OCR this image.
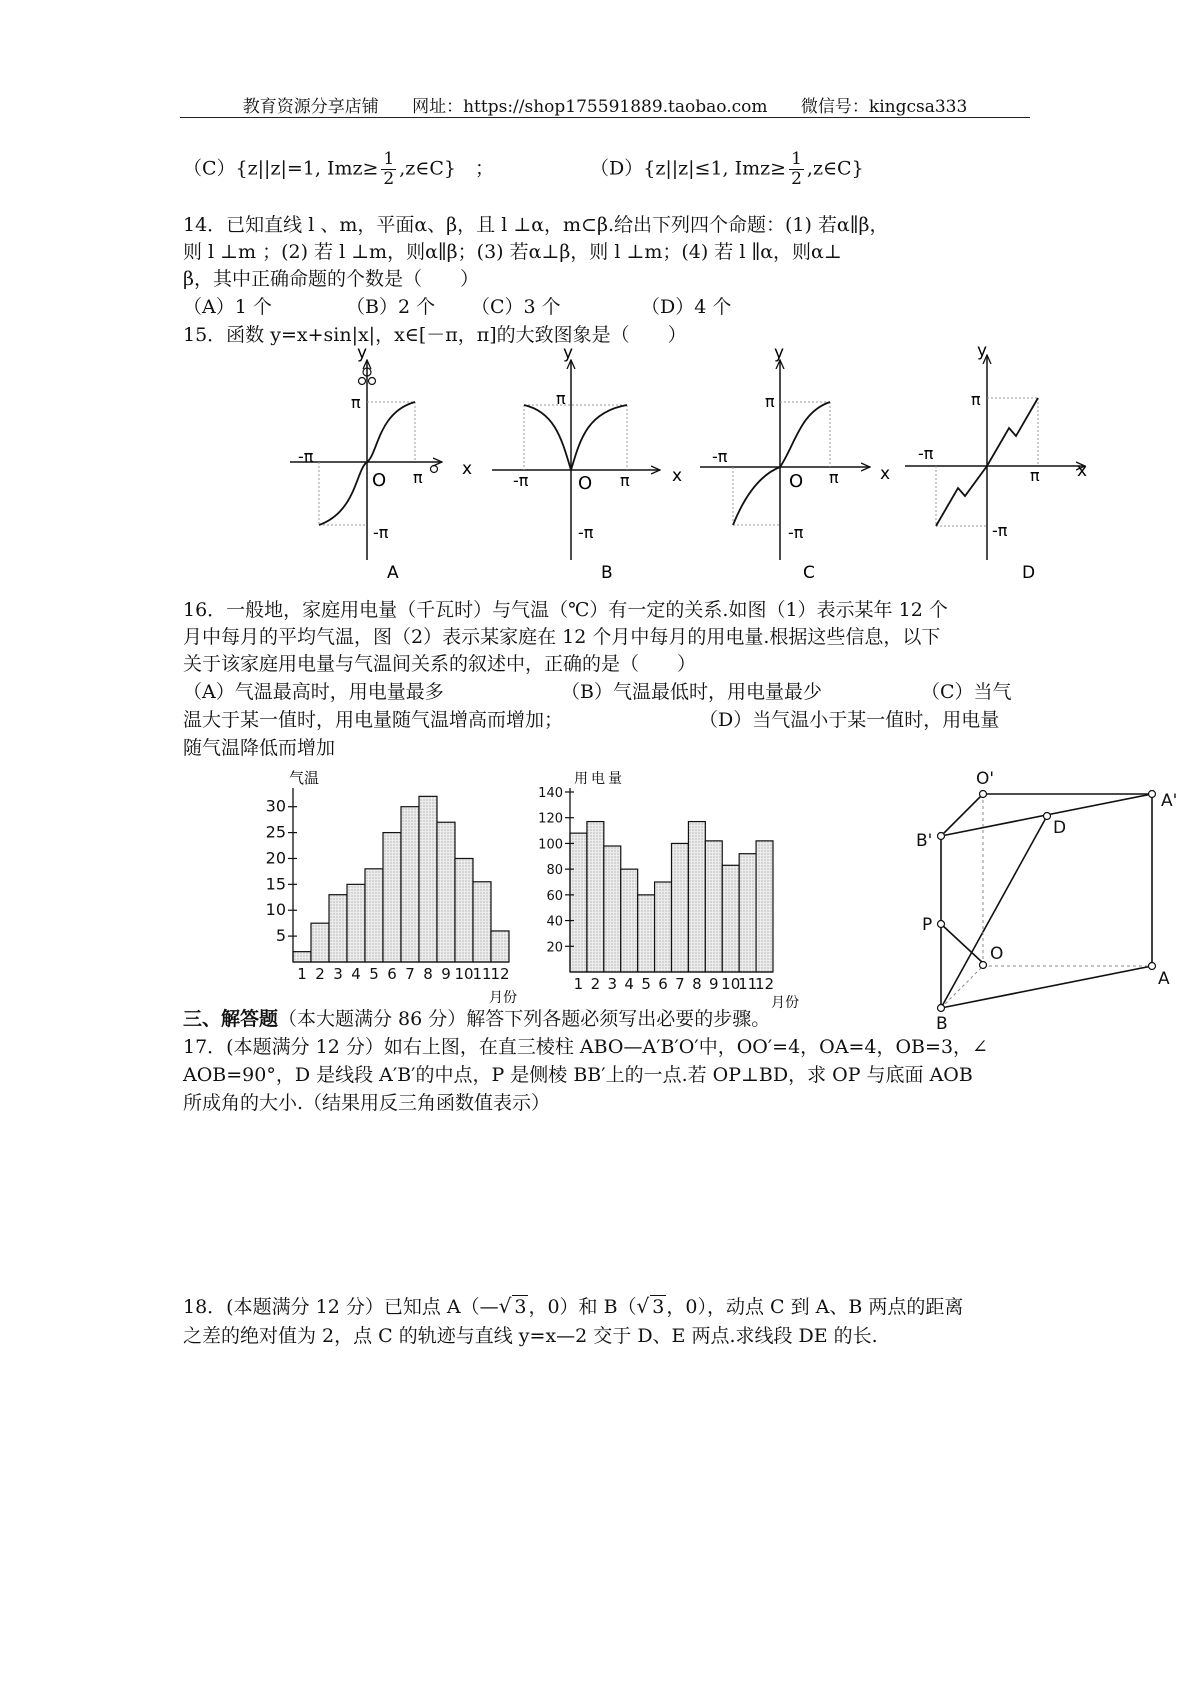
教育资源分享店铺 网址：https://shop175591889.taobao.com 微信号：kingcsa333
（C）{z||z|=1, $Imz\ge \frac{1}{2}$ ,z∈C}　；	（D）{z||z|≤1, $Imz\ge \frac{1}{2}$ ,z∈C}
14．已知直线 l 、m，平面α、β，且 l ⊥α，m⊂β.给出下列四个命题：(1) 若α∥β，
则 l ⊥m ；(2) 若 l ⊥m，则α∥β；(3) 若α⊥β，则 l ⊥m；(4) 若 l ∥α，则α⊥
β，其中正确命题的个数是（　　）
（A）1 个	（B）2 个 （C）3 个	（D）4 个
15．函数 y=x+sin|x|，x∈[－π，π]的大致图象是（　　）
y
x
π
-π
O π
-π
A
y
x
π
-π	O π
-π
B
y
x
π
-π
O π
-π
C
y
x
π
-π
π
-π
D
16．一般地，家庭用电量（千瓦时）与气温（℃）有一定的关系.如图（1）表示某年 12 个
月中每月的平均气温，图（2）表示某家庭在 12 个月中每月的用电量.根据这些信息，以下
关于该家庭用电量与气温间关系的叙述中，正确的是（　　）
（A）气温最高时，用电量最多	（B）气温最低时，用电量最少	（C）当气
温大于某一值时，用电量随气温增高而增加；	（D）当气温小于某一值时，用电量
随气温降低而增加
1 2 3 4 5 6 7 8 9 10
11
12
5
10
15
20
25
30
气温
月份
1 2 3 4 5 6 7 8 9 10
11
12
20
40
60
80
100
120
140
用电量
月份
O'
A'
B'
D
P
O
A
B
三、解答题（本大题满分 86 分）解答下列各题必须写出必要的步骤。
17．(本题满分 12 分）如右上图，在直三棱柱 ABO—A′B′O′中，OO′=4，OA=4，OB=3，∠
AOB=90°，D 是线段 A′B′的中点，P 是侧棱 BB′上的一点.若 OP⊥BD，求 OP 与底面 AOB
所成角的大小.（结果用反三角函数值表示）
18．(本题满分 12 分）已知点 A（—√ 3 ，0）和 B（√ 3 ，0），动点 C 到 A、B 两点的距离
之差的绝对值为 2，点 C 的轨迹与直线 y=x—2 交于 D、E 两点.求线段 DE 的长.
